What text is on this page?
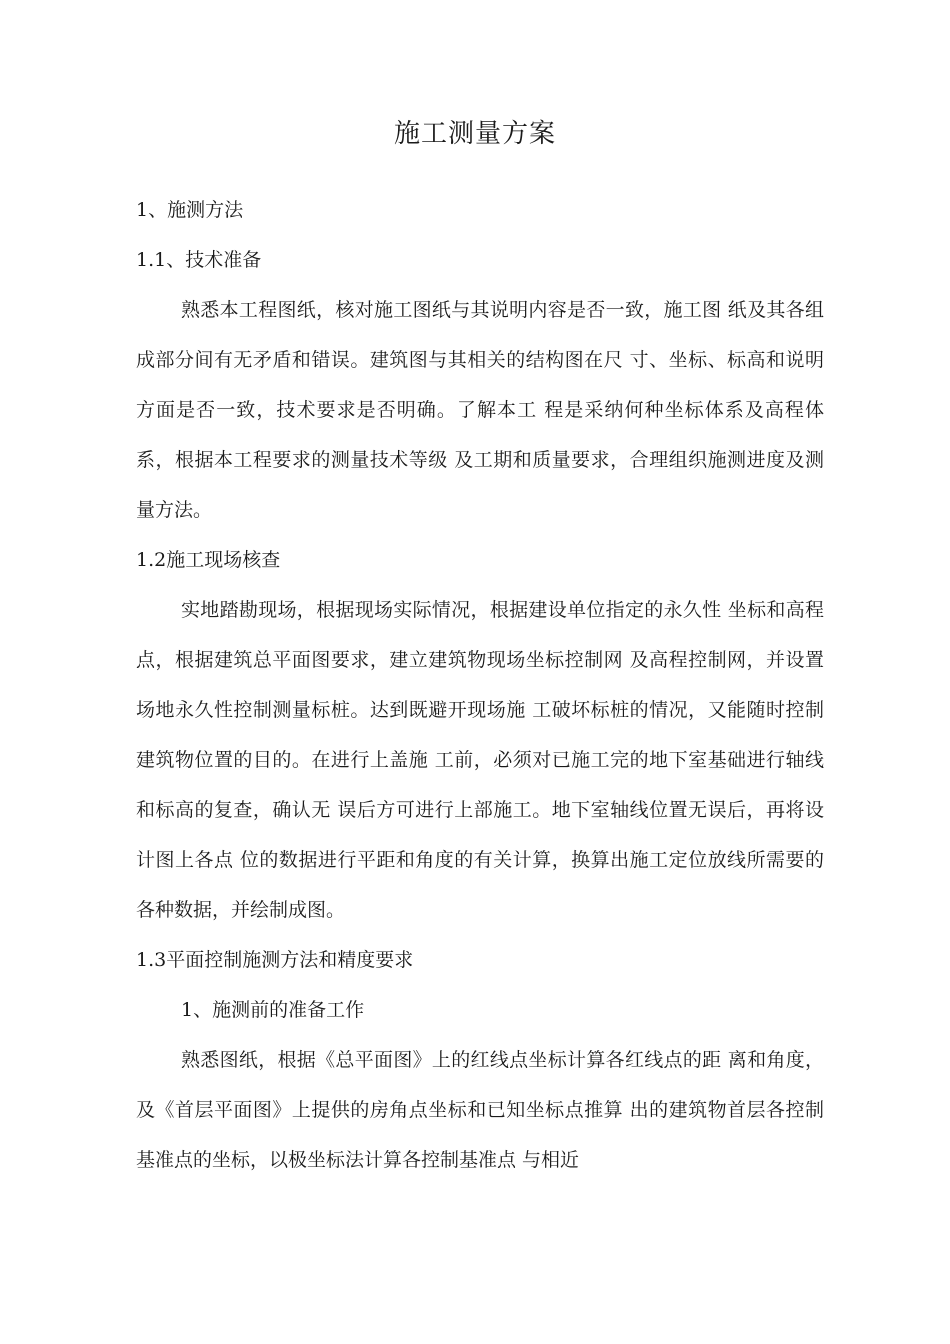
施工测量方案

1、施测方法

1.1、技术准备

熟悉本工程图纸，核对施工图纸与其说明内容是否一致，施工图 纸及其各组成部分间有无矛盾和错误。建筑图与其相关的结构图在尺 寸、坐标、标高和说明方面是否一致，技术要求是否明确。了解本工 程是采纳何种坐标体系及高程体系，根据本工程要求的测量技术等级 及工期和质量要求，合理组织施测进度及测量方法。

1.2施工现场核查

实地踏勘现场，根据现场实际情况，根据建设单位指定的永久性 坐标和高程点，根据建筑总平面图要求，建立建筑物现场坐标控制网 及高程控制网，并设置场地永久性控制测量标桩。达到既避开现场施 工破坏标桩的情况，又能随时控制建筑物位置的目的。在进行上盖施 工前，必须对已施工完的地下室基础进行轴线和标高的复查，确认无 误后方可进行上部施工。地下室轴线位置无误后，再将设计图上各点 位的数据进行平距和角度的有关计算，换算出施工定位放线所需要的 各种数据，并绘制成图。

1.3平面控制施测方法和精度要求

1、施测前的准备工作

熟悉图纸，根据《总平面图》上的红线点坐标计算各红线点的距 离和角度，及《首层平面图》上提供的房角点坐标和已知坐标点推算 出的建筑物首层各控制基准点的坐标，以极坐标法计算各控制基准点 与相近
